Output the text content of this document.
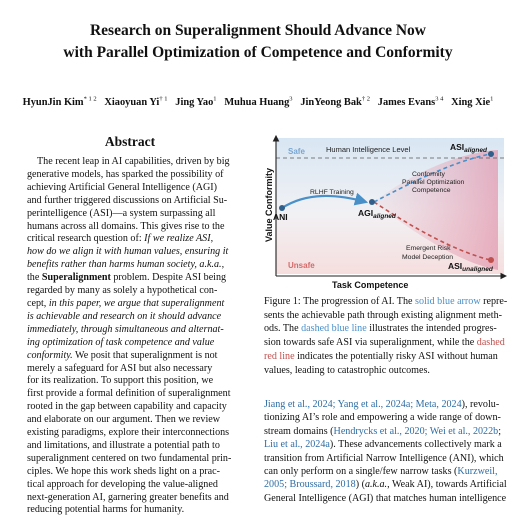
Research on Superalignment Should Advance Now
with Parallel Optimization of Competence and Conformity
HyunJin Kim$^{* 1 2}$ Xiaoyuan Yi$^{\dagger 1}$ Jing Yao$^1$ Muhua Huang$^3$ JinYeong Bak$^{\dagger 2}$ James Evans$^{3 4}$ Xing Xie$^1$
Abstract
The recent leap in AI capabilities, driven by big
generative models, has sparked the possibility of
achieving Artificial General Intelligence (AGI)
and further triggered discussions on Artificial Su-
perintelligence (ASI)—a system surpassing all
humans across all domains. This gives rise to the
critical research question of: If we realize ASI,
how do we align it with human values, ensuring it
benefits rather than harms human society, a.k.a.,
the Superalignment problem. Despite ASI being
regarded by many as solely a hypothetical con-
cept, in this paper, we argue that superalignment
is achievable and research on it should advance
immediately, through simultaneous and alternat-
ing optimization of task competence and value
conformity. We posit that superalignment is not
merely a safeguard for ASI but also necessary
for its realization. To support this position, we
first provide a formal definition of superalignment
rooted in the gap between capability and capacity
and elaborate on our argument. Then we review
existing paradigms, explore their interconnections
and limitations, and illustrate a potential path to
superalignment centered on two fundamental prin-
ciples. We hope this work sheds light on a prac-
tical approach for developing the value-aligned
next-generation AI, garnering greater benefits and
reducing potential harms for humanity.
Safe
Unsafe
Human Intelligence Level	$ASI_{aligned}$
$ASI_{unaligned}$
$AGI_{aligned}$
ANI
RLHF Training
Conformity
Parallel Optimization
Competence
Emergent Risk
Model Deception
Task Competence
Value Conformity
Figure 1: The progression of AI. The solid blue arrow repre-
sents the achievable path through existing alignment meth-
ods. The dashed blue line illustrates the intended progres-
sion towards safe ASI via superalignment, while the dashed
red line indicates the potentially risky ASI without human
values, leading to catastrophic outcomes.
Jiang et al., 2024; Yang et al., 2024a; Meta, 2024), revolu-
tionizing AI’s role and empowering a wide range of down-
stream domains (Hendrycks et al., 2020; Wei et al., 2022b;
Liu et al., 2024a). These advancements collectively mark a
transition from Artificial Narrow Intelligence (ANI), which
can only perform on a single/few narrow tasks (Kurzweil,
2005; Broussard, 2018) (a.k.a., Weak AI), towards Artificial
General Intelligence (AGI) that matches human intelligence
